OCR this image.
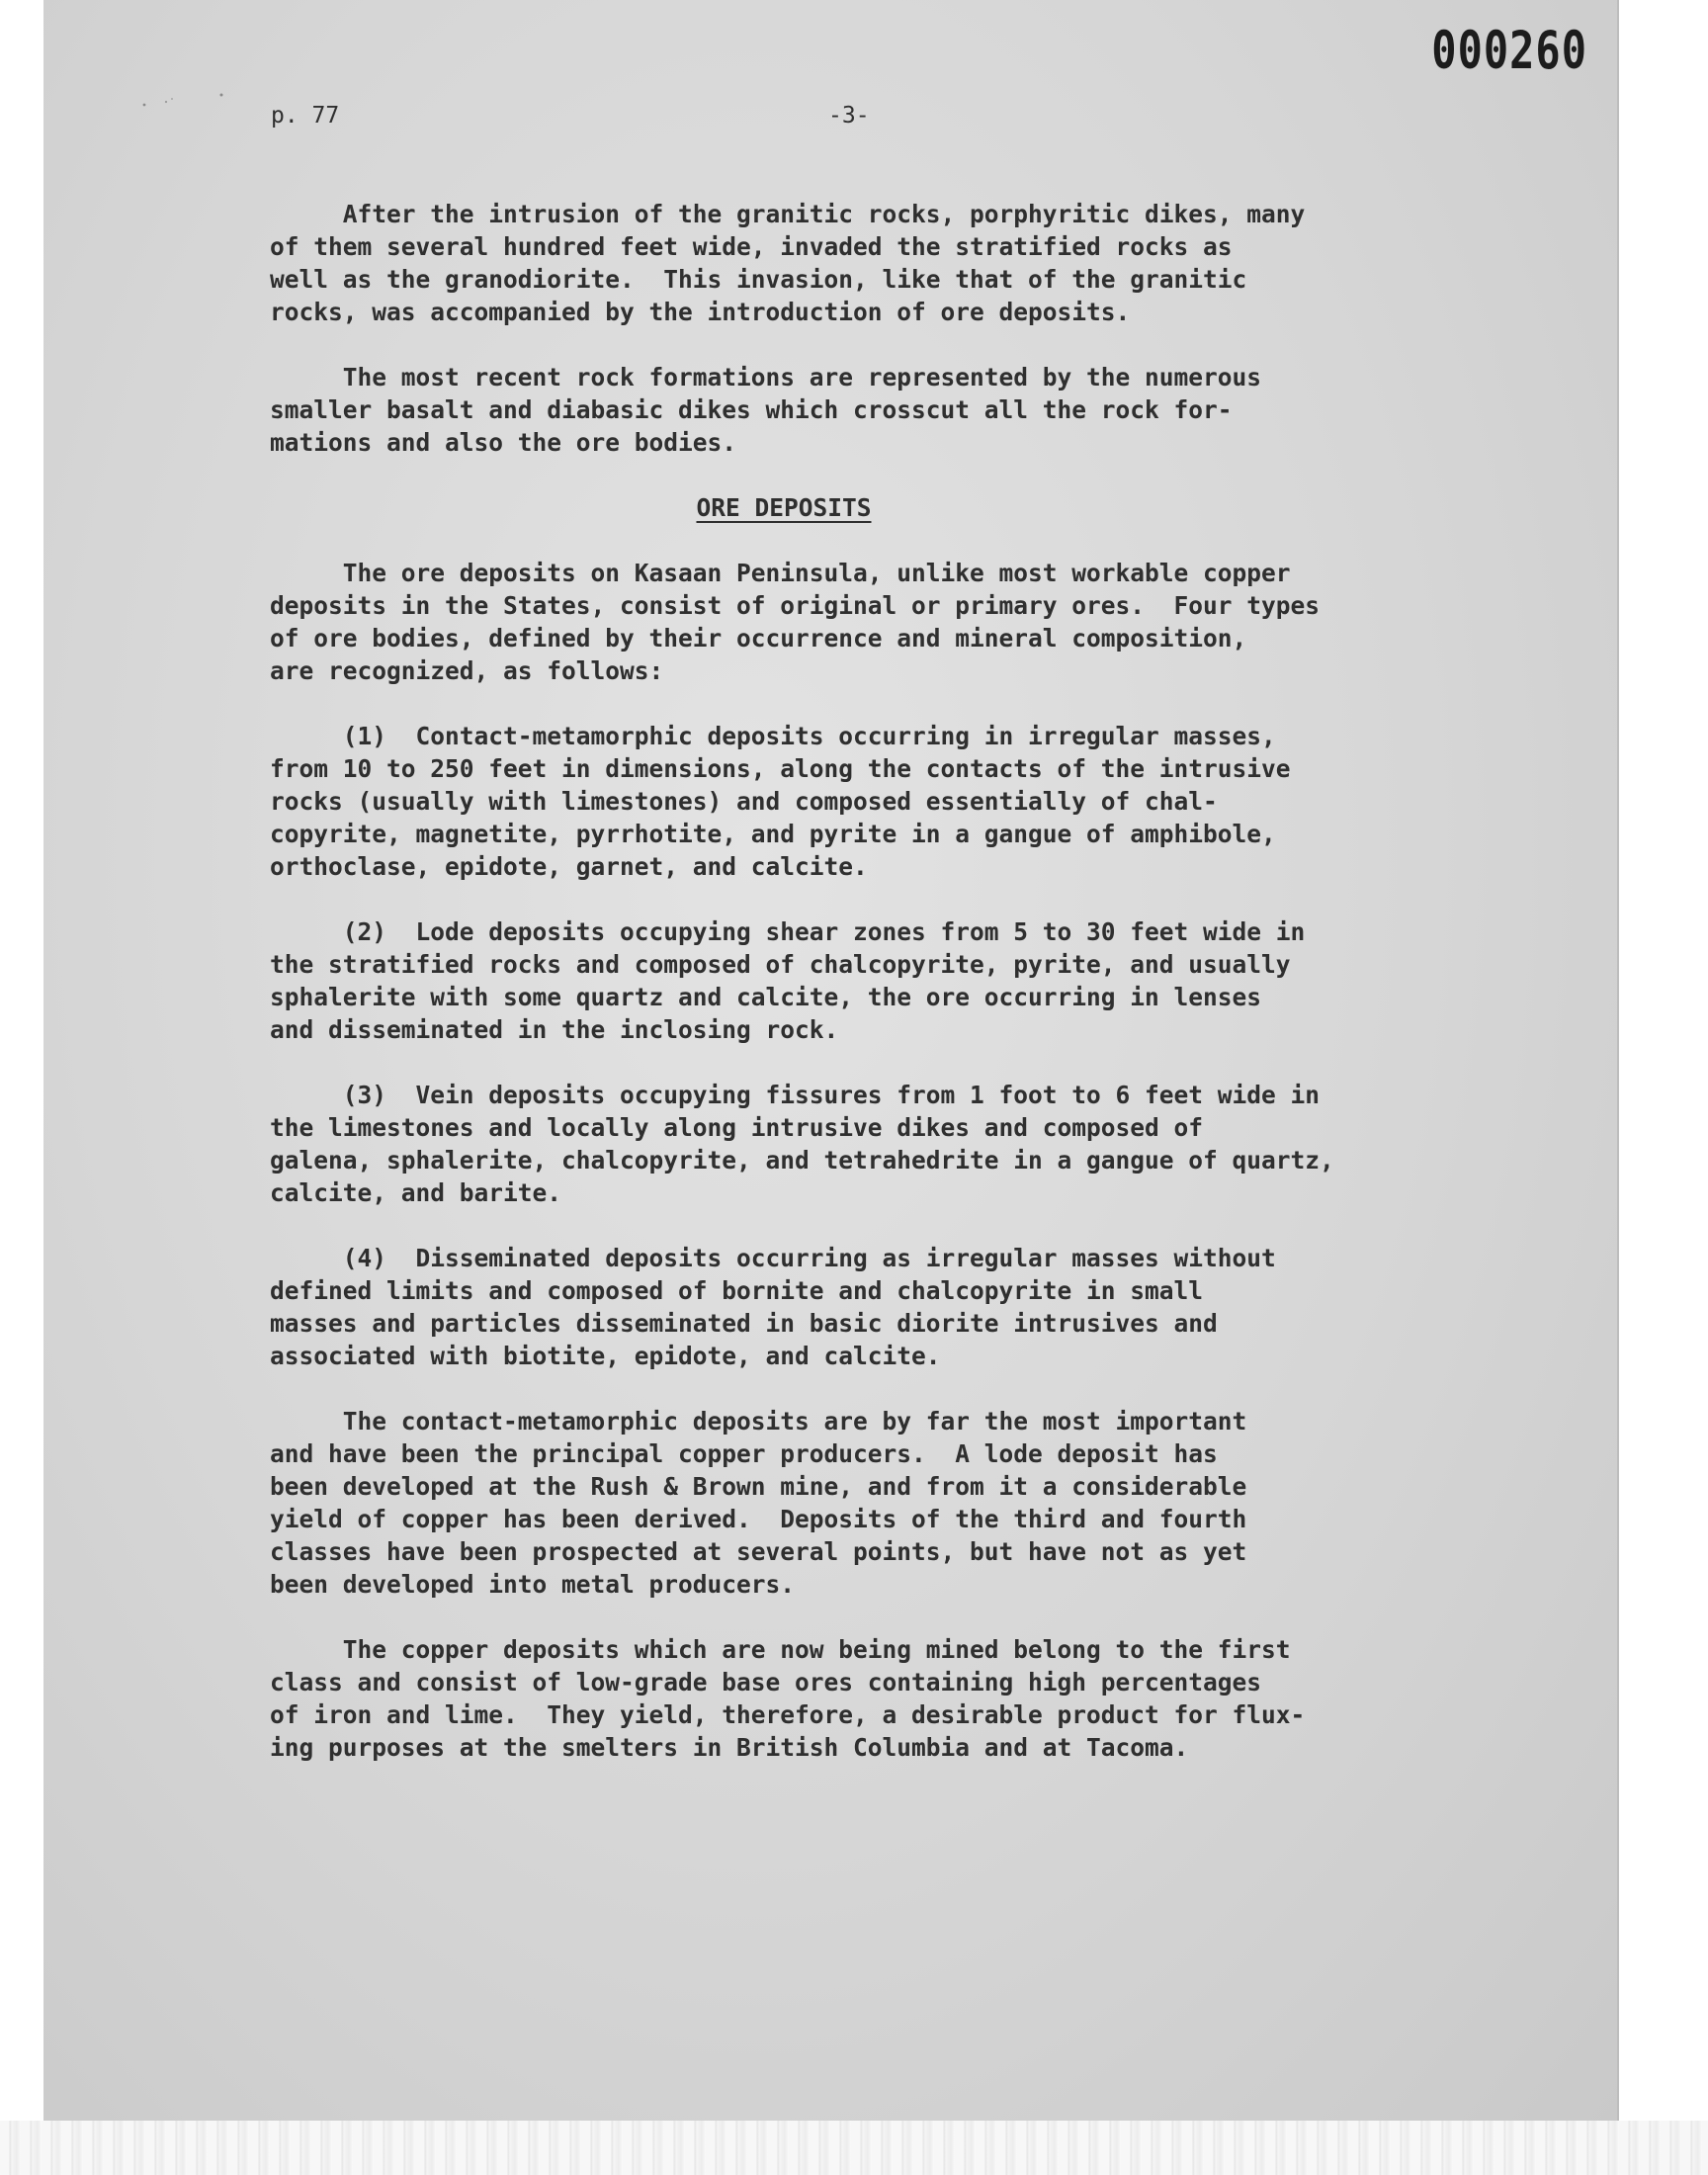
000260
p. 77	-3-

After the intrusion of the granitic rocks, porphyritic dikes, many
of them several hundred feet wide, invaded the stratified rocks as
well as the granodiorite.  This invasion, like that of the granitic
rocks, was accompanied by the introduction of ore deposits.

The most recent rock formations are represented by the numerous
smaller basalt and diabasic dikes which crosscut all the rock for-
mations and also the ore bodies.

ORE DEPOSITS

The ore deposits on Kasaan Peninsula, unlike most workable copper
deposits in the States, consist of original or primary ores.  Four types
of ore bodies, defined by their occurrence and mineral composition,
are recognized, as follows:

(1)  Contact-metamorphic deposits occurring in irregular masses,
from 10 to 250 feet in dimensions, along the contacts of the intrusive
rocks (usually with limestones) and composed essentially of chal-
copyrite, magnetite, pyrrhotite, and pyrite in a gangue of amphibole,
orthoclase, epidote, garnet, and calcite.

(2)  Lode deposits occupying shear zones from 5 to 30 feet wide in
the stratified rocks and composed of chalcopyrite, pyrite, and usually
sphalerite with some quartz and calcite, the ore occurring in lenses
and disseminated in the inclosing rock.

(3)  Vein deposits occupying fissures from 1 foot to 6 feet wide in
the limestones and locally along intrusive dikes and composed of
galena, sphalerite, chalcopyrite, and tetrahedrite in a gangue of quartz,
calcite, and barite.

(4)  Disseminated deposits occurring as irregular masses without
defined limits and composed of bornite and chalcopyrite in small
masses and particles disseminated in basic diorite intrusives and
associated with biotite, epidote, and calcite.

The contact-metamorphic deposits are by far the most important
and have been the principal copper producers.  A lode deposit has
been developed at the Rush & Brown mine, and from it a considerable
yield of copper has been derived.  Deposits of the third and fourth
classes have been prospected at several points, but have not as yet
been developed into metal producers.

The copper deposits which are now being mined belong to the first
class and consist of low-grade base ores containing high percentages
of iron and lime.  They yield, therefore, a desirable product for flux-
ing purposes at the smelters in British Columbia and at Tacoma.
